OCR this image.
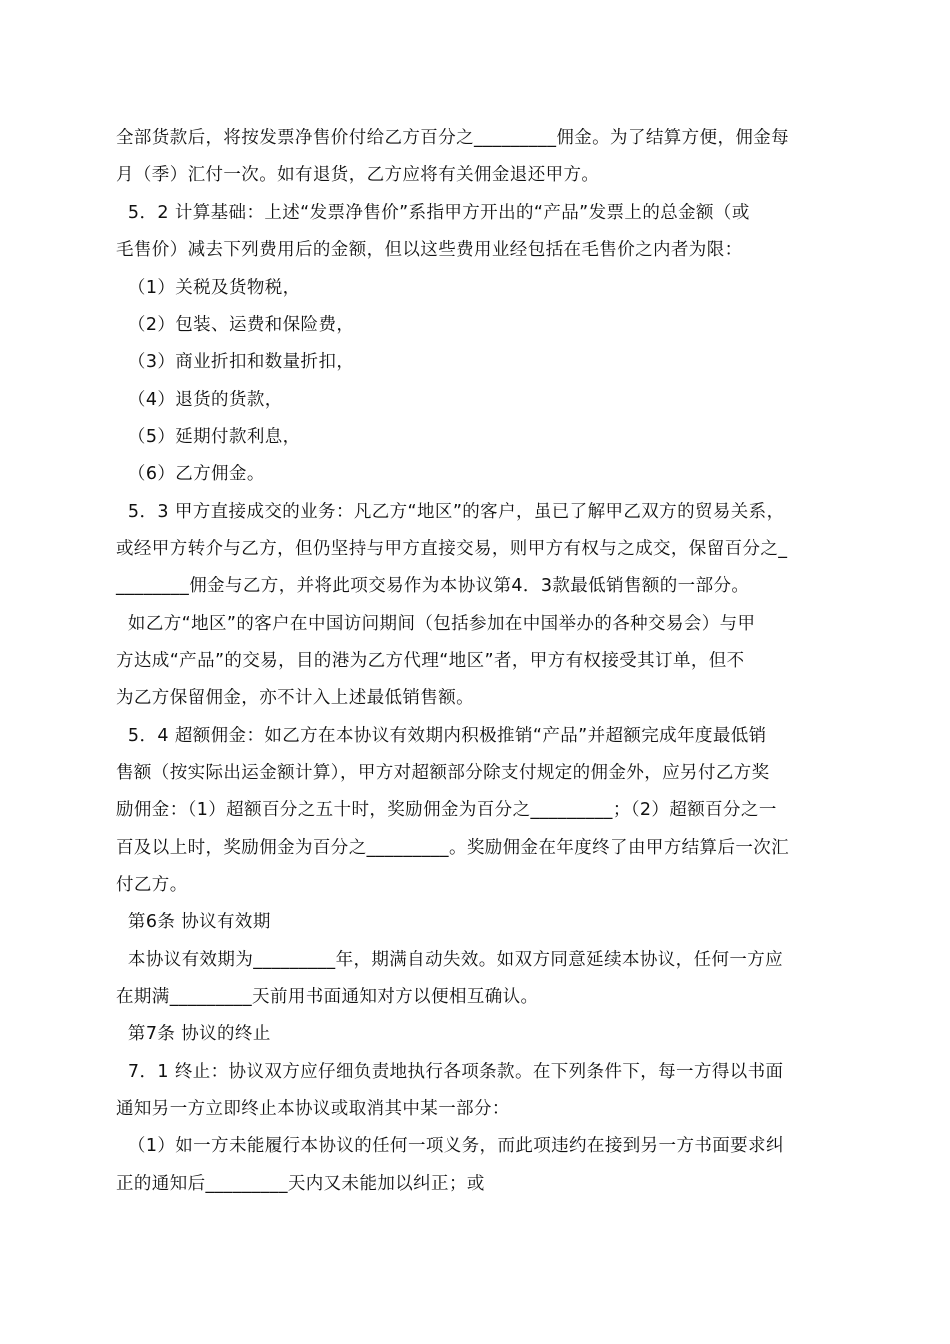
全部货款后，将按发票净售价付给乙方百分之_________佣金。为了结算方便，佣金每
月（季）汇付一次。如有退货，乙方应将有关佣金退还甲方。
5．2 计算基础：上述“发票净售价”系指甲方开出的“产品”发票上的总金额（或
毛售价）减去下列费用后的金额，但以这些费用业经包括在毛售价之内者为限：
（1）关税及货物税，
（2）包装、运费和保险费，
（3）商业折扣和数量折扣，
（4）退货的货款，
（5）延期付款利息，
（6）乙方佣金。
5．3 甲方直接成交的业务：凡乙方“地区”的客户，虽已了解甲乙双方的贸易关系，
或经甲方转介与乙方，但仍坚持与甲方直接交易，则甲方有权与之成交，保留百分之_
________佣金与乙方，并将此项交易作为本协议第4．3款最低销售额的一部分。
如乙方“地区”的客户在中国访问期间（包括参加在中国举办的各种交易会）与甲
方达成“产品”的交易，目的港为乙方代理“地区”者，甲方有权接受其订单，但不
为乙方保留佣金，亦不计入上述最低销售额。
5．4 超额佣金：如乙方在本协议有效期内积极推销“产品”并超额完成年度最低销
售额（按实际出运金额计算），甲方对超额部分除支付规定的佣金外，应另付乙方奖
励佣金：（1）超额百分之五十时，奖励佣金为百分之_________；（2）超额百分之一
百及以上时，奖励佣金为百分之_________。奖励佣金在年度终了由甲方结算后一次汇
付乙方。
第6条 协议有效期
本协议有效期为_________年，期满自动失效。如双方同意延续本协议，任何一方应
在期满_________天前用书面通知对方以便相互确认。
第7条 协议的终止
7．1 终止：协议双方应仔细负责地执行各项条款。在下列条件下，每一方得以书面
通知另一方立即终止本协议或取消其中某一部分：
（1）如一方未能履行本协议的任何一项义务，而此项违约在接到另一方书面要求纠
正的通知后_________天内又未能加以纠正；或
